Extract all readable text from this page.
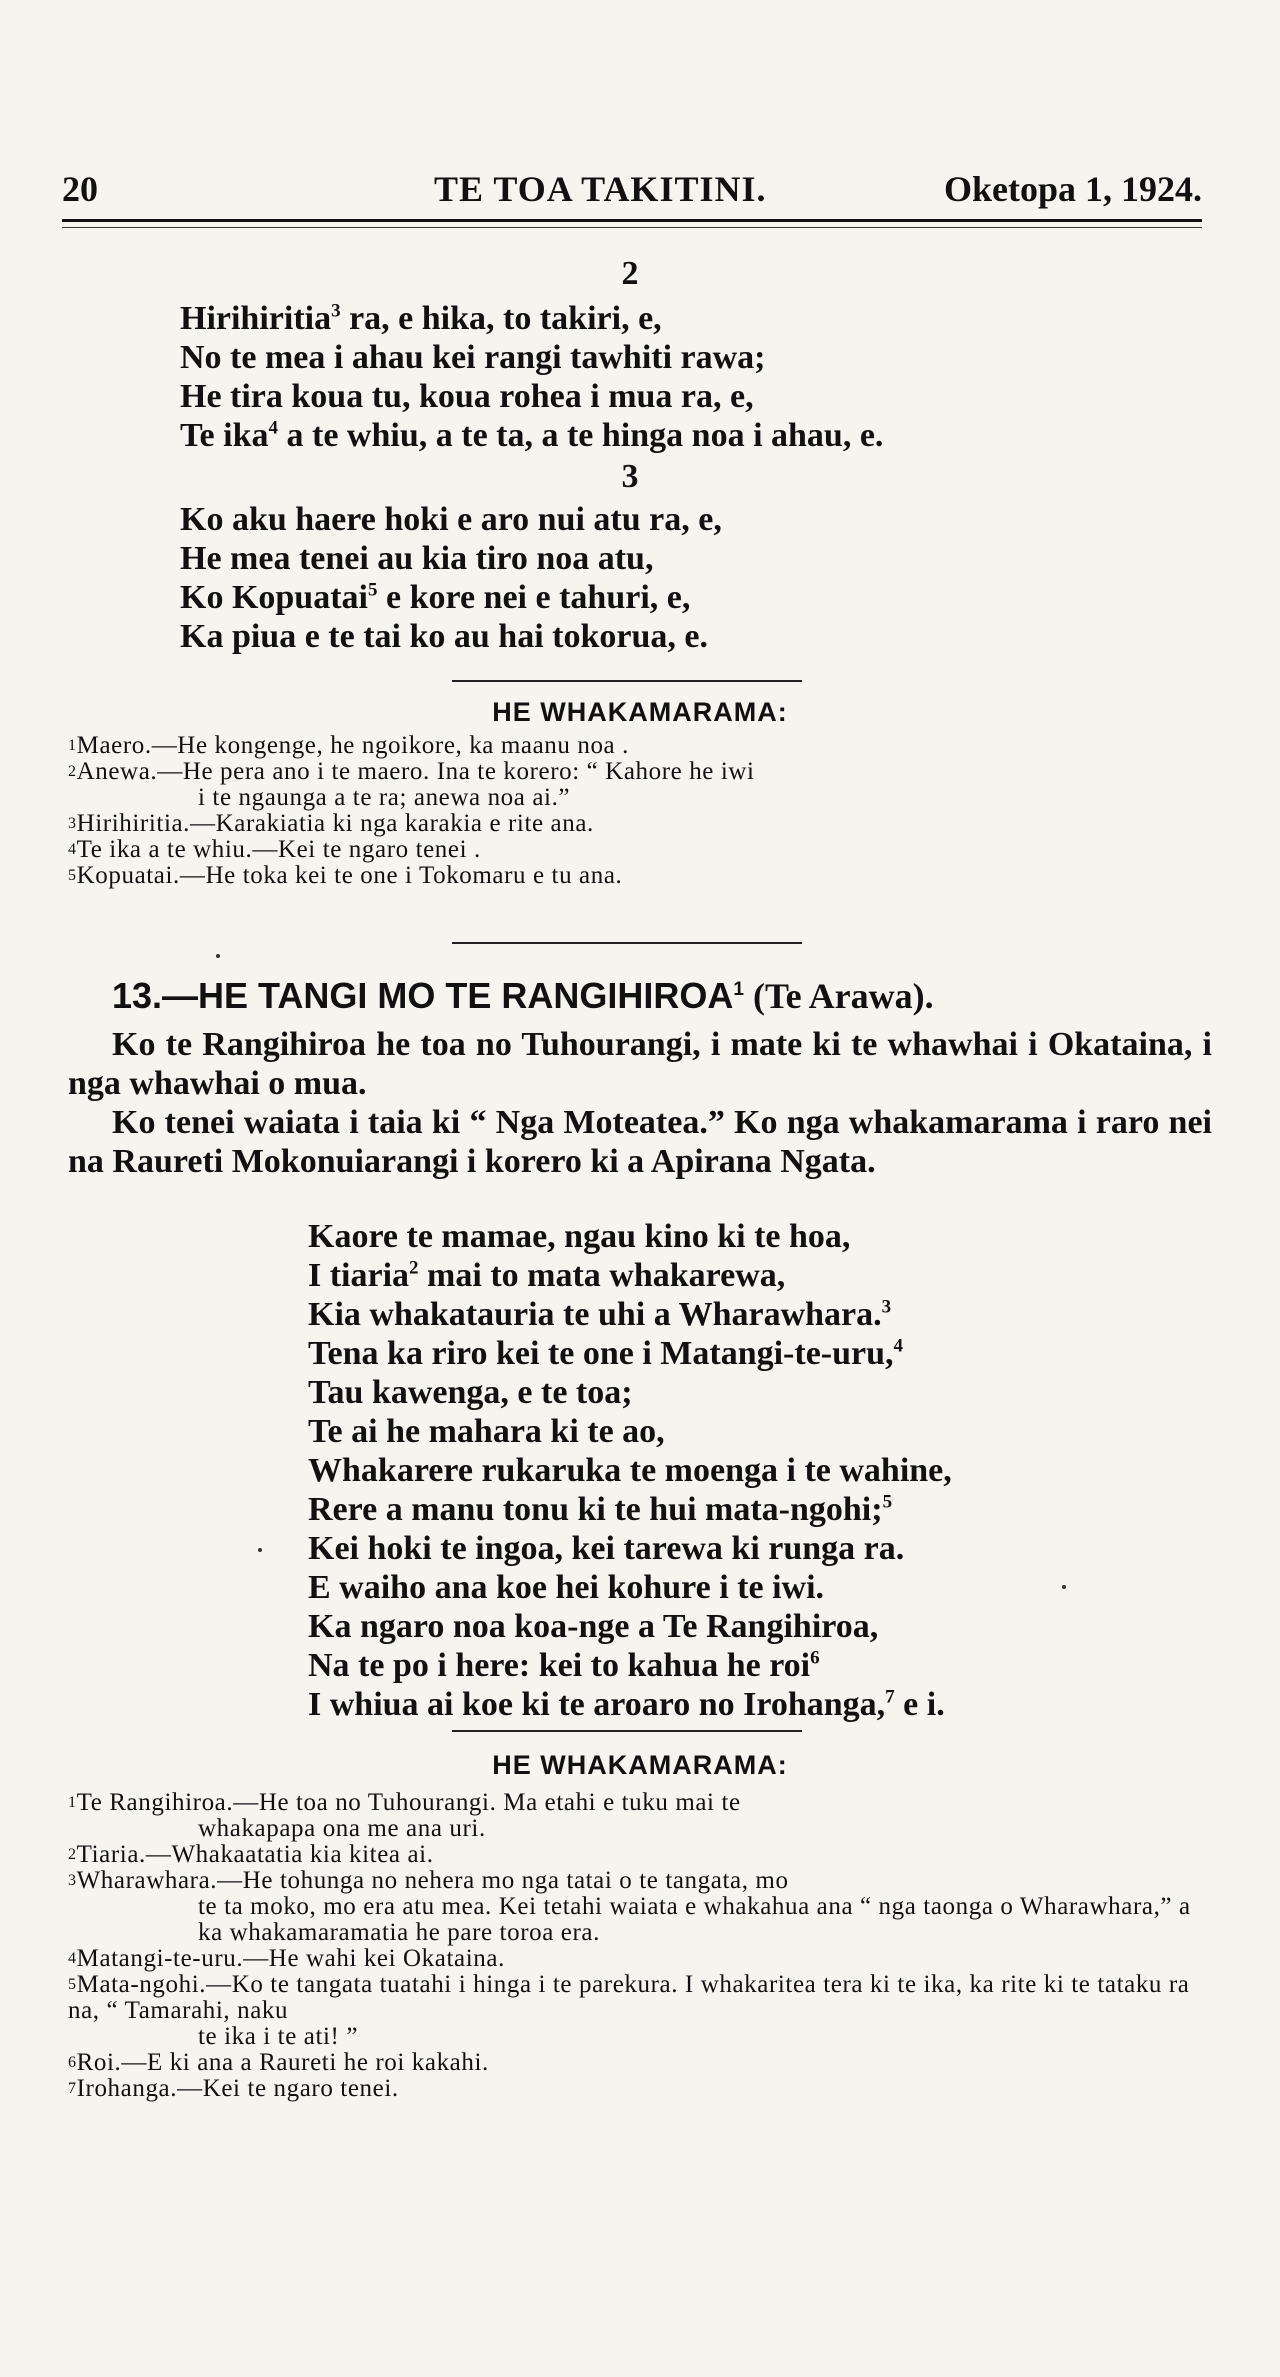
20	TE TOA TAKITINI.	Oketopa 1, 1924.
2
Hirihiritia$^3$ ra, e hika, to takiri, e,
No te mea i ahau kei rangi tawhiti rawa;
He tira koua tu, koua rohea i mua ra, e,
Te ika$^4$ a te whiu, a te ta, a te hinga noa i ahau, e.
3
Ko aku haere hoki e aro nui atu ra, e,
He mea tenei au kia tiro noa atu,
Ko Kopuatai$^5$ e kore nei e tahuri, e,
Ka piua e te tai ko au hai tokorua, e.
HE WHAKAMARAMA:
$^1$Maero.—He kongenge, he ngoikore, ka maanu noa .
$^2$Anewa.—He pera ano i te maero. Ina te korero: “ Kahore he iwi
i te ngaunga a te ra; anewa noa ai.”
$^3$Hirihiritia.—Karakiatia ki nga karakia e rite ana.
$^4$Te ika a te whiu.—Kei te ngaro tenei .
$^5$Kopuatai.—He toka kei te one i Tokomaru e tu ana.
13.—HE TANGI MO TE RANGIHIROA$^1$ (Te Arawa).

Ko te Rangihiroa he toa no Tuhourangi, i mate ki te whawhai i Okataina, i nga whawhai o mua.

Ko tenei waiata i taia ki “ Nga Moteatea.” Ko nga whakamarama i raro nei na Raureti Mokonuiarangi i korero ki a Apirana Ngata.

Kaore te mamae, ngau kino ki te hoa,
I tiaria$^2$ mai to mata whakarewa,
Kia whakatauria te uhi a Wharawhara.$^3$
Tena ka riro kei te one i Matangi-te-uru,$^4$
Tau kawenga, e te toa;
Te ai he mahara ki te ao,
Whakarere rukaruka te moenga i te wahine,
Rere a manu tonu ki te hui mata-ngohi;$^5$
Kei hoki te ingoa, kei tarewa ki runga ra.
E waiho ana koe hei kohure i te iwi.
Ka ngaro noa koa-nge a Te Rangihiroa,
Na te po i here: kei to kahua he roi$^6$
I whiua ai koe ki te aroaro no Irohanga,$^7$ e i.
HE WHAKAMARAMA:
$^1$Te Rangihiroa.—He toa no Tuhourangi. Ma etahi e tuku mai te
whakapapa ona me ana uri.
$^2$Tiaria.—Whakaatatia kia kitea ai.
$^3$Wharawhara.—He tohunga no nehera mo nga tatai o te tangata, mo
te ta moko, mo era atu mea. Kei tetahi waiata e whakahua ana “ nga taonga o Wharawhara,” a ka whakamaramatia he pare toroa era.
$^4$Matangi-te-uru.—He wahi kei Okataina.
$^5$Mata-ngohi.—Ko te tangata tuatahi i hinga i te parekura. I whakaritea tera ki te ika, ka rite ki te tataku ra na, “ Tamarahi, naku
te ika i te ati! ”
$^6$Roi.—E ki ana a Raureti he roi kakahi.
$^7$Irohanga.—Kei te ngaro tenei.
